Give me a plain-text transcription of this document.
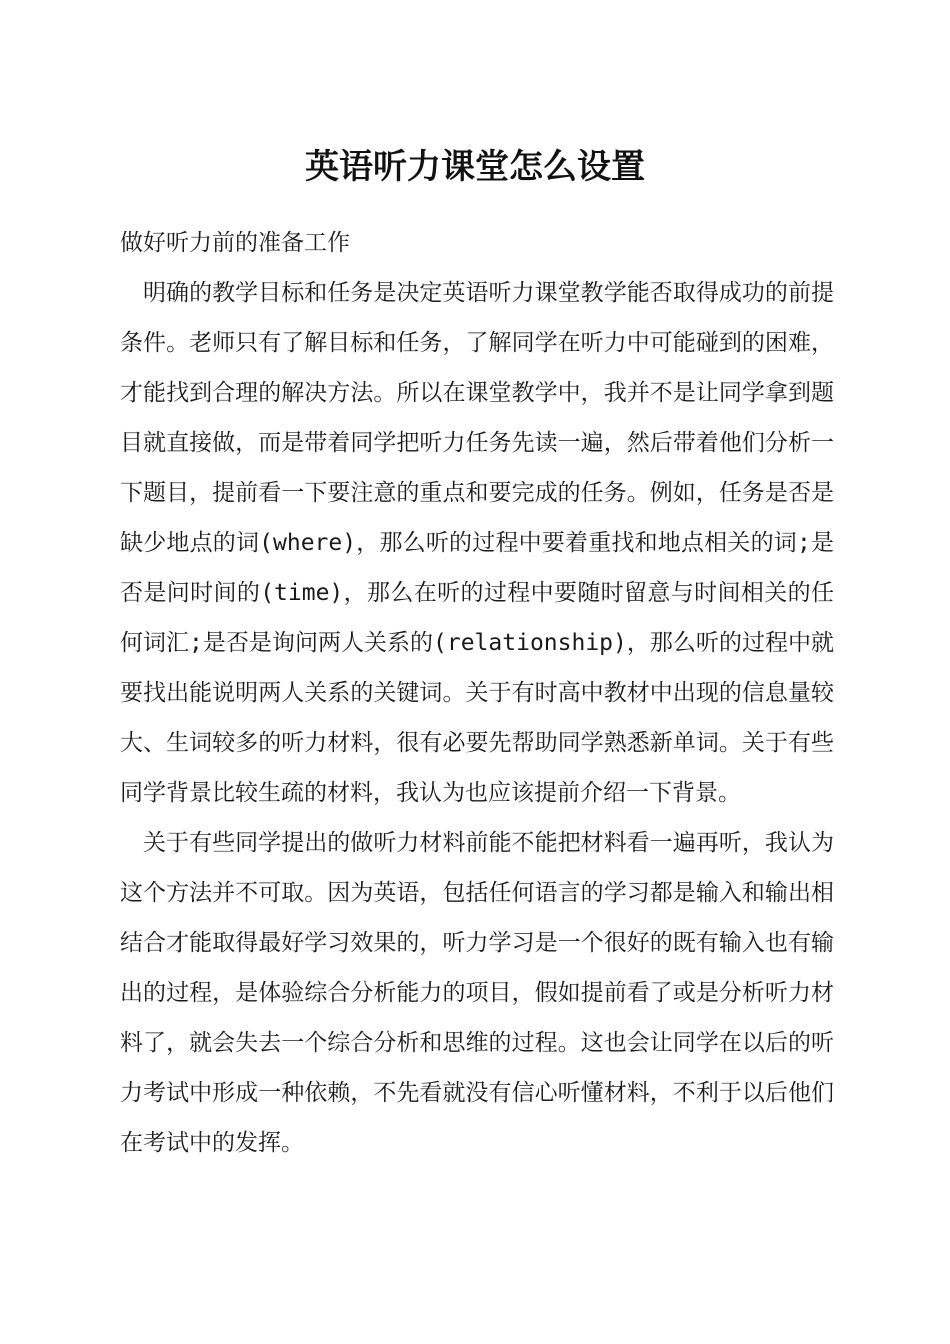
英语听力课堂怎么设置

做好听力前的准备工作

明确的教学目标和任务是决定英语听力课堂教学能否取得成功的前提条件。老师只有了解目标和任务，了解同学在听力中可能碰到的困难，才能找到合理的解决方法。所以在课堂教学中，我并不是让同学拿到题目就直接做，而是带着同学把听力任务先读一遍，然后带着他们分析一下题目，提前看一下要注意的重点和要完成的任务。例如，任务是否是缺少地点的词(where)，那么听的过程中要着重找和地点相关的词;是否是问时间的(time)，那么在听的过程中要随时留意与时间相关的任何词汇;是否是询问两人关系的(relationship)，那么听的过程中就要找出能说明两人关系的关键词。关于有时高中教材中出现的信息量较大、生词较多的听力材料，很有必要先帮助同学熟悉新单词。关于有些同学背景比较生疏的材料，我认为也应该提前介绍一下背景。

关于有些同学提出的做听力材料前能不能把材料看一遍再听，我认为这个方法并不可取。因为英语，包括任何语言的学习都是输入和输出相结合才能取得最好学习效果的，听力学习是一个很好的既有输入也有输出的过程，是体验综合分析能力的项目，假如提前看了或是分析听力材料了，就会失去一个综合分析和思维的过程。这也会让同学在以后的听力考试中形成一种依赖，不先看就没有信心听懂材料，不利于以后他们在考试中的发挥。
